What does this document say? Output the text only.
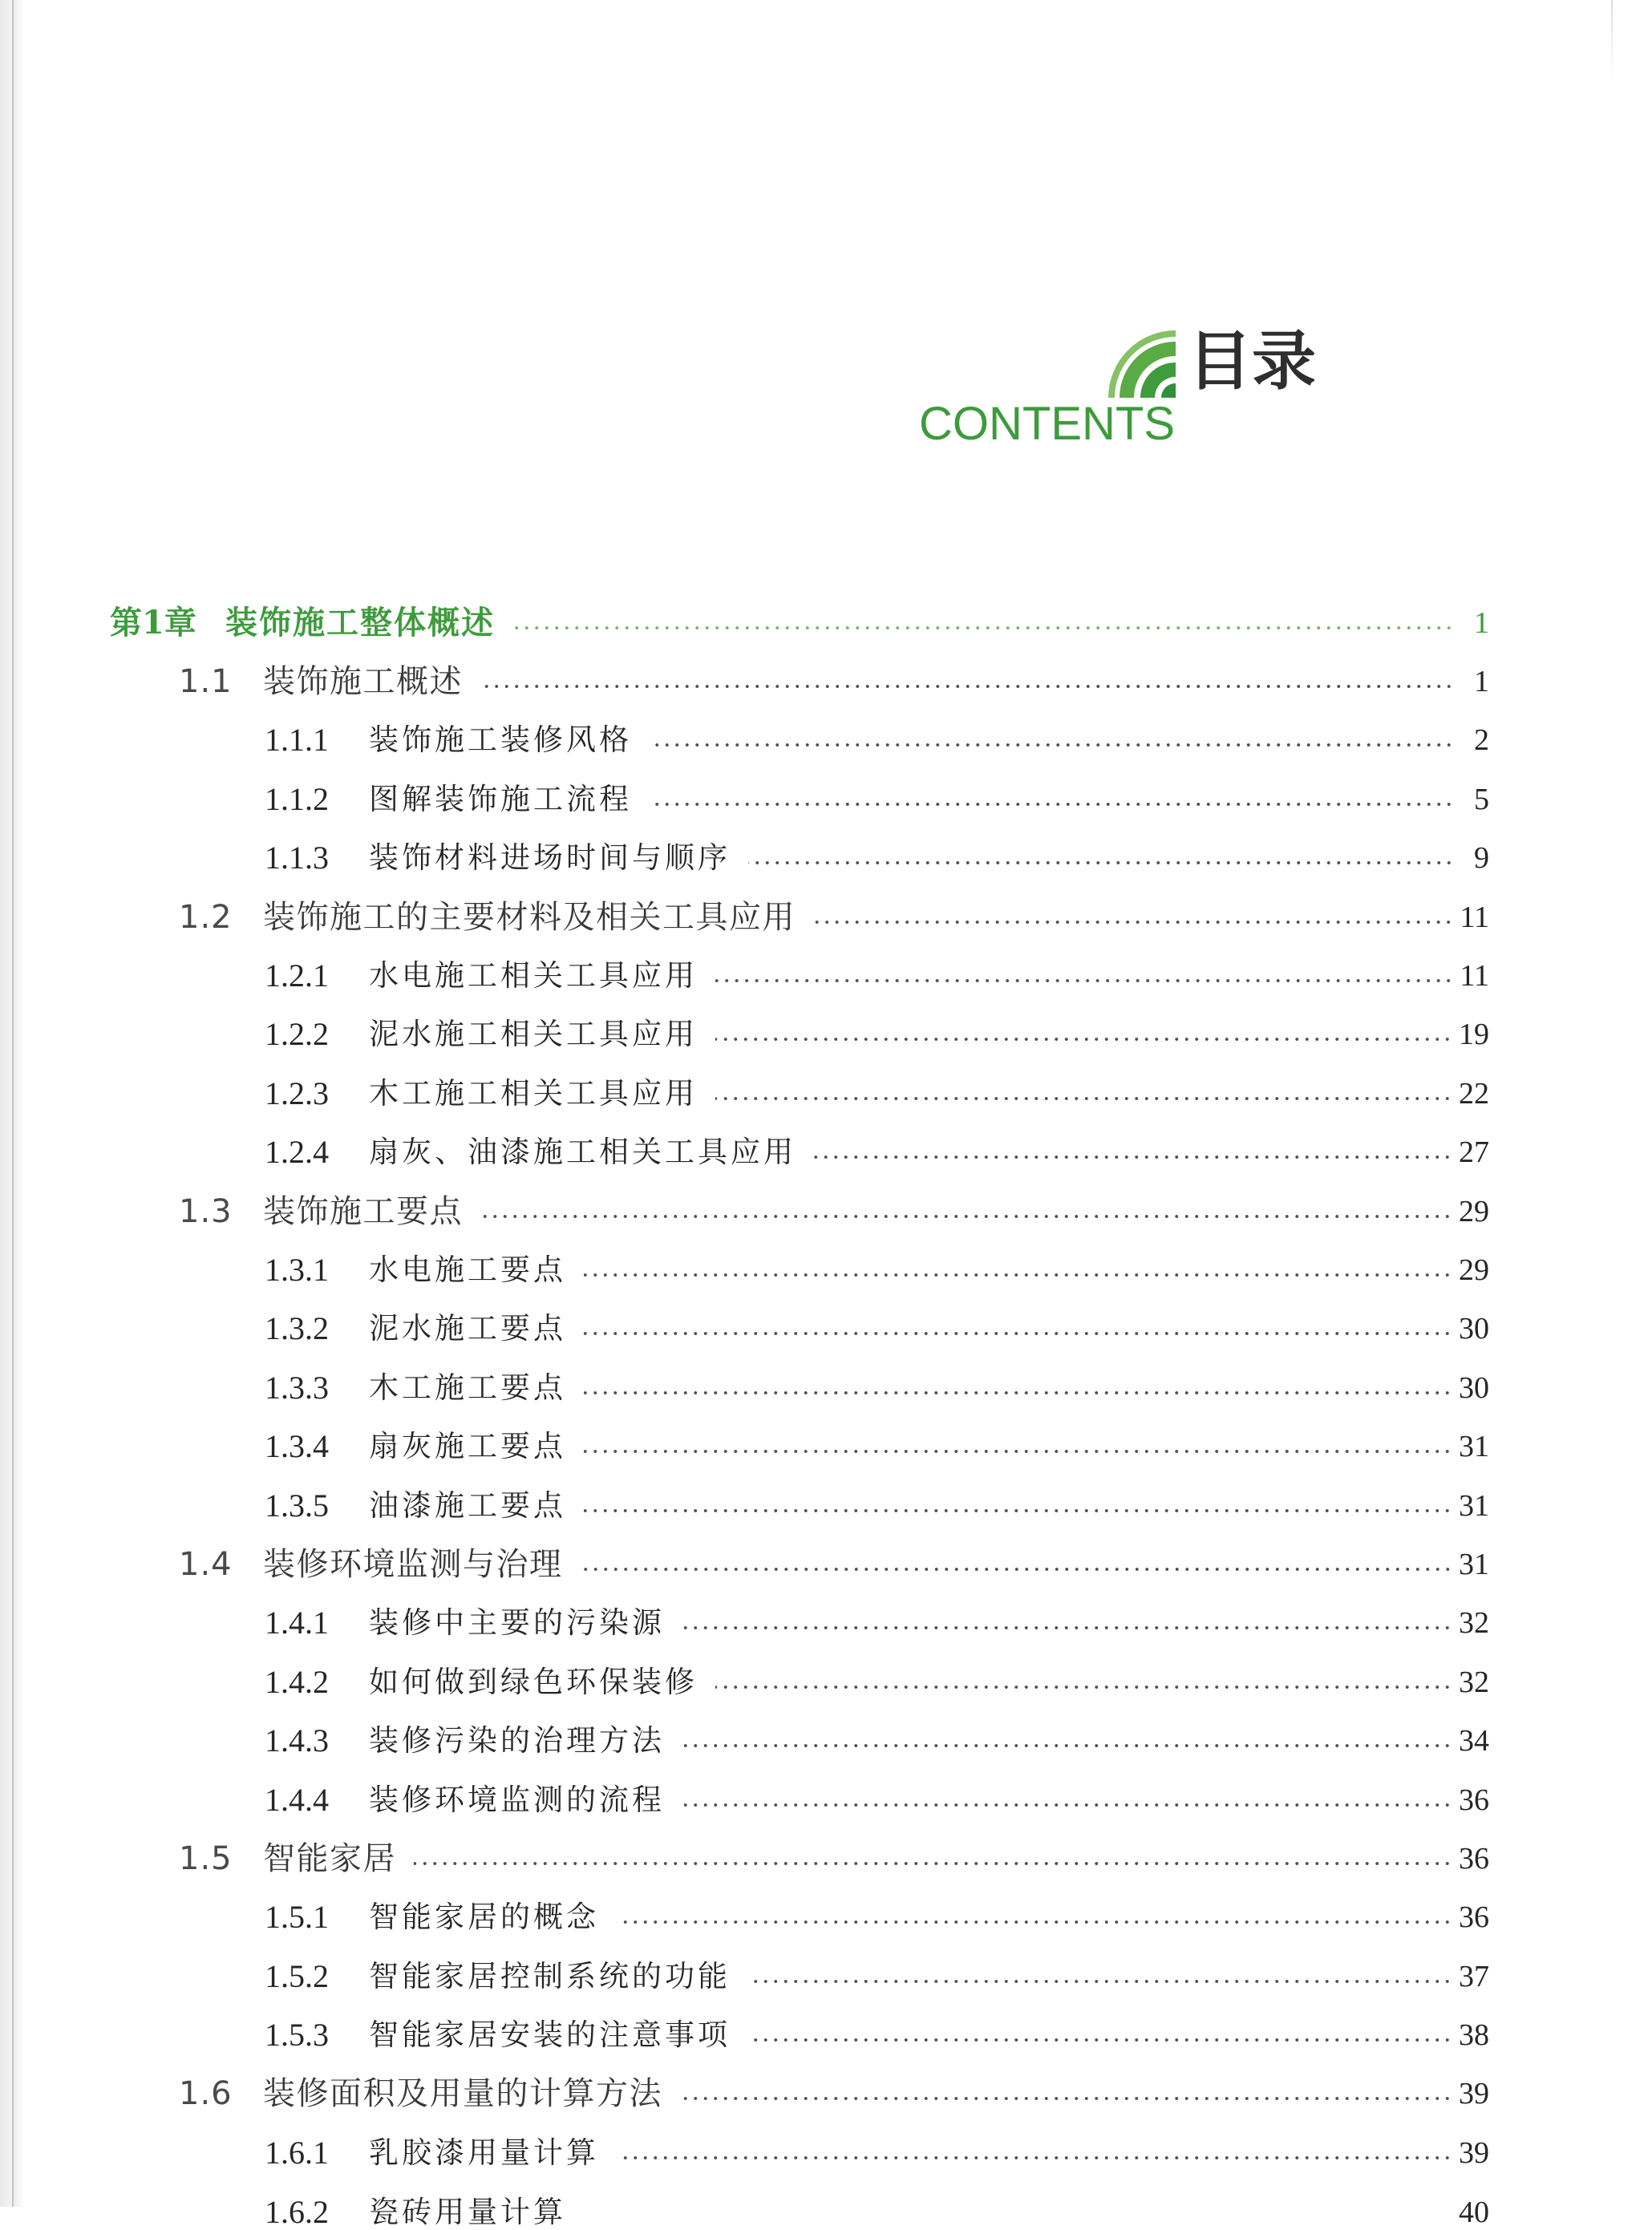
目录
CONTENTS
第1章 装饰施工整体概述	1
1.1 装饰施工概述	1
1.1.1	装饰施工装修风格	2
1.1.2	图解装饰施工流程	5
1.1.3	装饰材料进场时间与顺序	9
1.2 装饰施工的主要材料及相关工具应用	11
1.2.1	水电施工相关工具应用	11
1.2.2	泥水施工相关工具应用	19
1.2.3	木工施工相关工具应用	22
1.2.4	扇灰、油漆施工相关工具应用	27
1.3 装饰施工要点	29
1.3.1	水电施工要点	29
1.3.2	泥水施工要点	30
1.3.3	木工施工要点	30
1.3.4	扇灰施工要点	31
1.3.5	油漆施工要点	31
1.4 装修环境监测与治理	31
1.4.1	装修中主要的污染源	32
1.4.2	如何做到绿色环保装修	32
1.4.3	装修污染的治理方法	34
1.4.4	装修环境监测的流程	36
1.5 智能家居	36
1.5.1	智能家居的概念	36
1.5.2	智能家居控制系统的功能	37
1.5.3	智能家居安装的注意事项	38
1.6 装修面积及用量的计算方法	39
1.6.1	乳胶漆用量计算	39
1.6.2	瓷砖用量计算	40
